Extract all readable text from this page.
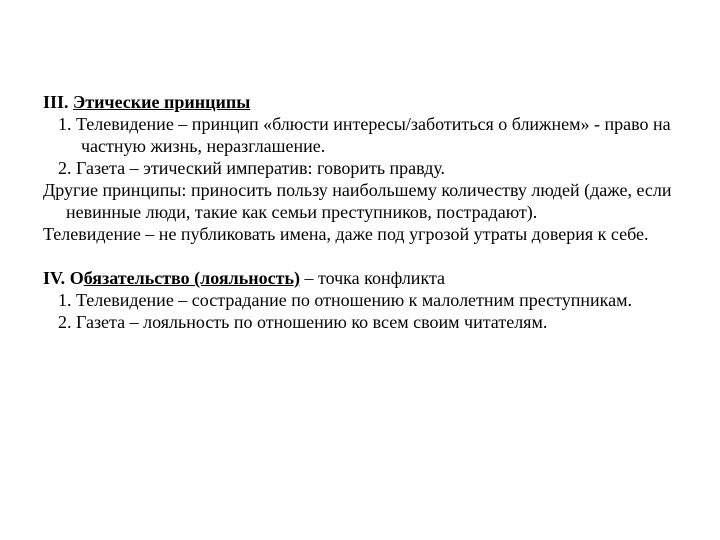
III. Этические принципы

1. Телевидение – принцип «блюсти интересы/заботиться о ближнем» - право на частную жизнь, неразглашение.

2. Газета – этический императив: говорить правду.

Другие принципы: приносить пользу наибольшему количеству людей (даже, если невинные люди, такие как семьи преступников, пострадают).

Телевидение – не публиковать имена, даже под угрозой утраты доверия к себе.

IV. Обязательство (лояльность) – точка конфликта

1. Телевидение – сострадание по отношению к малолетним преступникам.

2. Газета – лояльность по отношению ко всем своим читателям.
